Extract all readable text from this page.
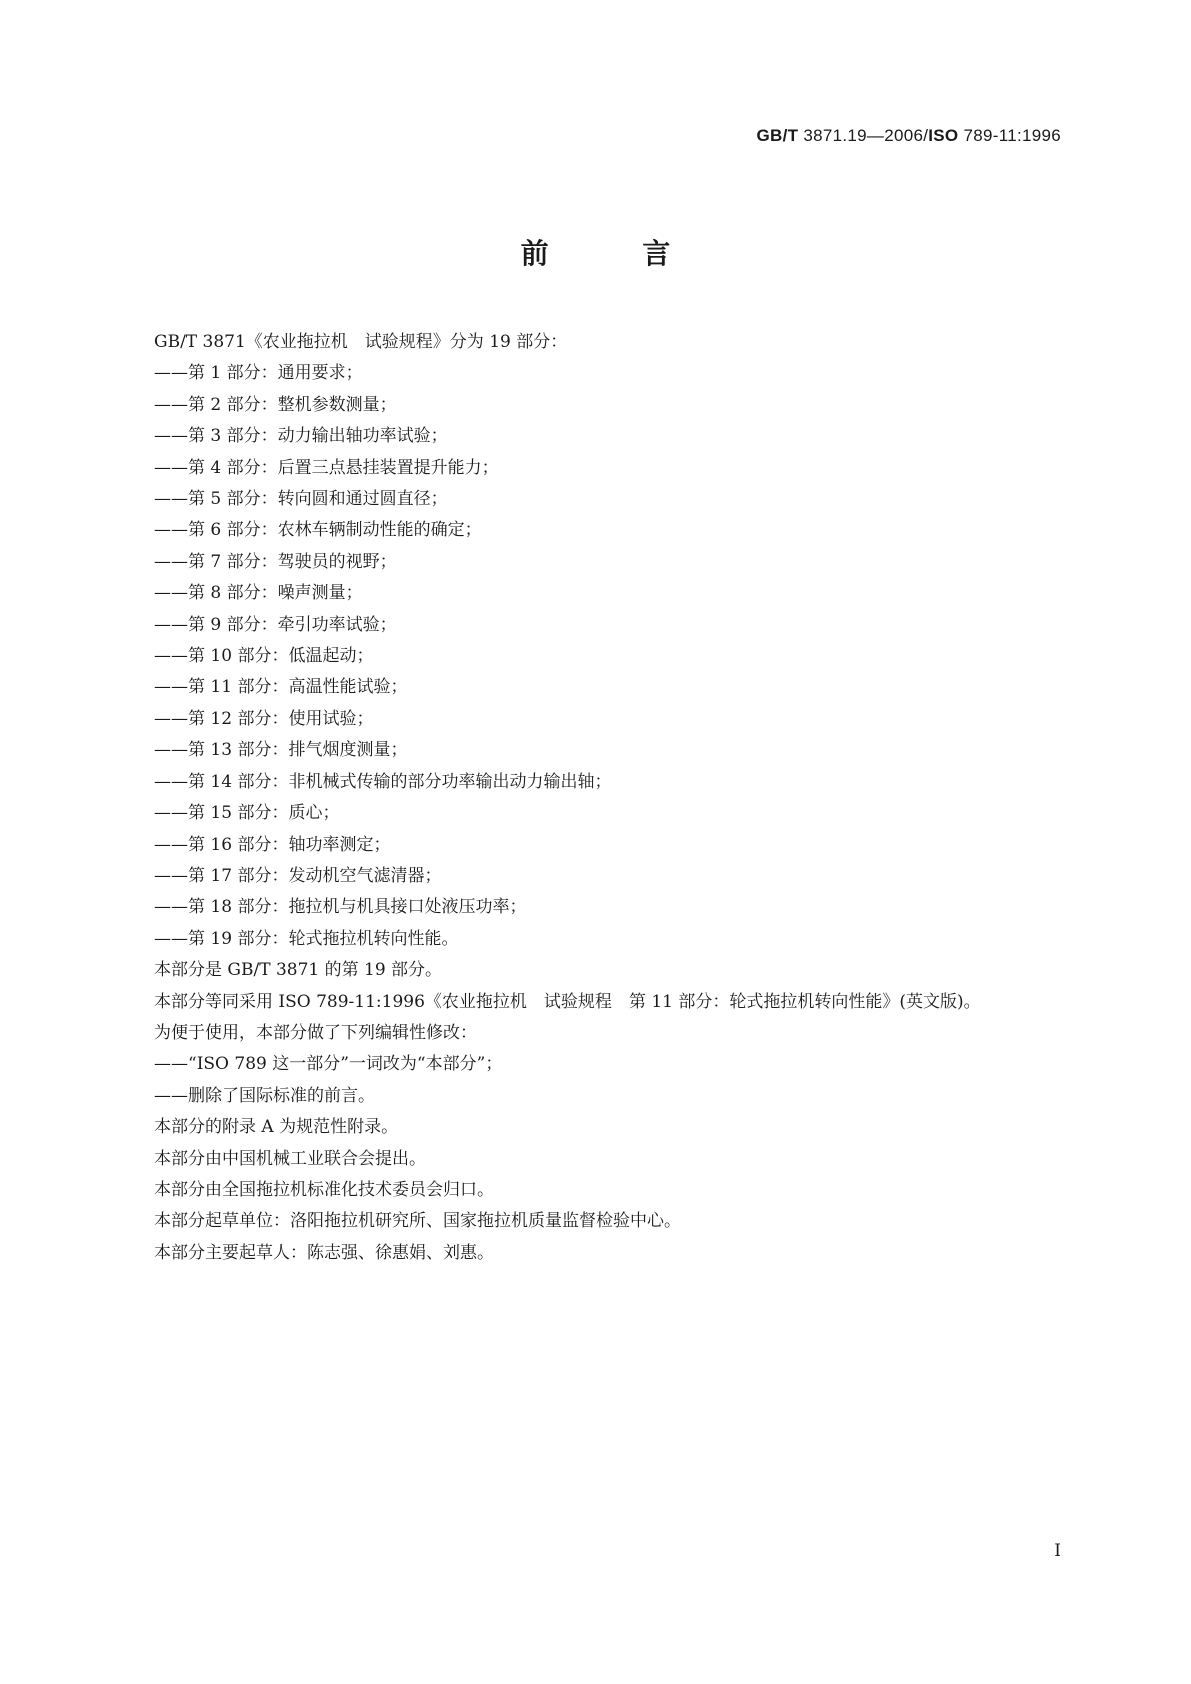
GB/T 3871.19—2006/ISO 789-11:1996
前 言

GB/T 3871《农业拖拉机　试验规程》分为 19 部分：

——第 1 部分：通用要求；

——第 2 部分：整机参数测量；

——第 3 部分：动力输出轴功率试验；

——第 4 部分：后置三点悬挂装置提升能力；

——第 5 部分：转向圆和通过圆直径；

——第 6 部分：农林车辆制动性能的确定；

——第 7 部分：驾驶员的视野；

——第 8 部分：噪声测量；

——第 9 部分：牵引功率试验；

——第 10 部分：低温起动；

——第 11 部分：高温性能试验；

——第 12 部分：使用试验；

——第 13 部分：排气烟度测量；

——第 14 部分：非机械式传输的部分功率输出动力输出轴；

——第 15 部分：质心；

——第 16 部分：轴功率测定；

——第 17 部分：发动机空气滤清器；

——第 18 部分：拖拉机与机具接口处液压功率；

——第 19 部分：轮式拖拉机转向性能。

本部分是 GB/T 3871 的第 19 部分。

本部分等同采用 ISO 789-11:1996《农业拖拉机　试验规程　第 11 部分：轮式拖拉机转向性能》(英文版)。

为便于使用，本部分做了下列编辑性修改：

——“ISO 789 这一部分”一词改为“本部分”；

——删除了国际标准的前言。

本部分的附录 A 为规范性附录。

本部分由中国机械工业联合会提出。

本部分由全国拖拉机标准化技术委员会归口。

本部分起草单位：洛阳拖拉机研究所、国家拖拉机质量监督检验中心。

本部分主要起草人：陈志强、徐惠娟、刘惠。

I
